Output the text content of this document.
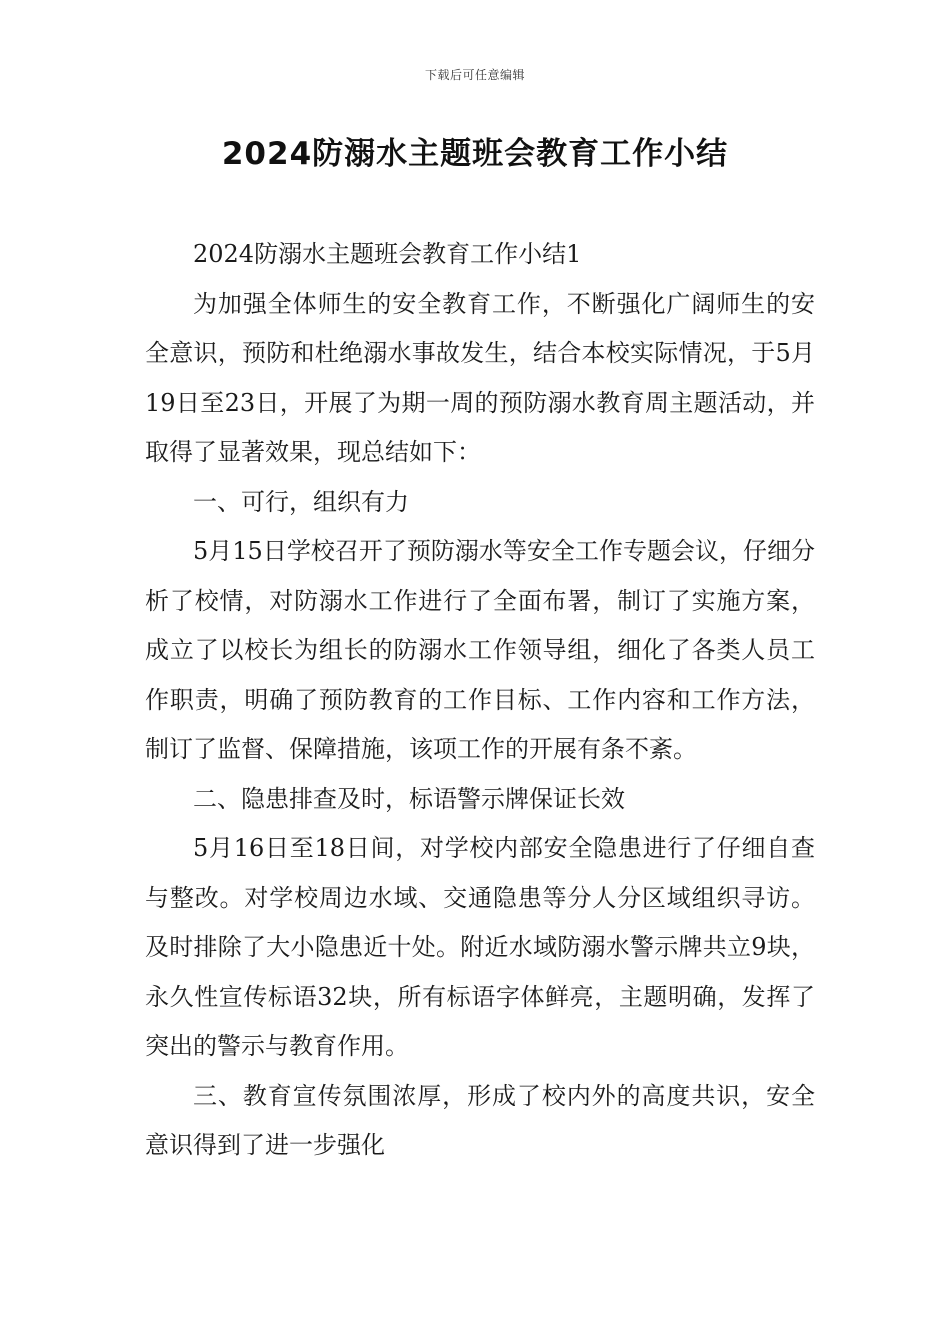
下载后可任意编辑
2024防溺水主题班会教育工作小结

2024防溺水主题班会教育工作小结1

为加强全体师生的安全教育工作，不断强化广阔师生的安全意识，预防和杜绝溺水事故发生，结合本校实际情况，于5月19日至23日，开展了为期一周的预防溺水教育周主题活动，并取得了显著效果，现总结如下：

一、可行，组织有力

5月15日学校召开了预防溺水等安全工作专题会议，仔细分析了校情，对防溺水工作进行了全面布署，制订了实施方案，成立了以校长为组长的防溺水工作领导组，细化了各类人员工作职责，明确了预防教育的工作目标、工作内容和工作方法，制订了监督、保障措施，该项工作的开展有条不紊。

二、隐患排查及时，标语警示牌保证长效

5月16日至18日间，对学校内部安全隐患进行了仔细自查与整改。对学校周边水域、交通隐患等分人分区域组织寻访。及时排除了大小隐患近十处。附近水域防溺水警示牌共立9块，永久性宣传标语32块，所有标语字体鲜亮，主题明确，发挥了突出的警示与教育作用。

三、教育宣传氛围浓厚，形成了校内外的高度共识，安全意识得到了进一步强化
